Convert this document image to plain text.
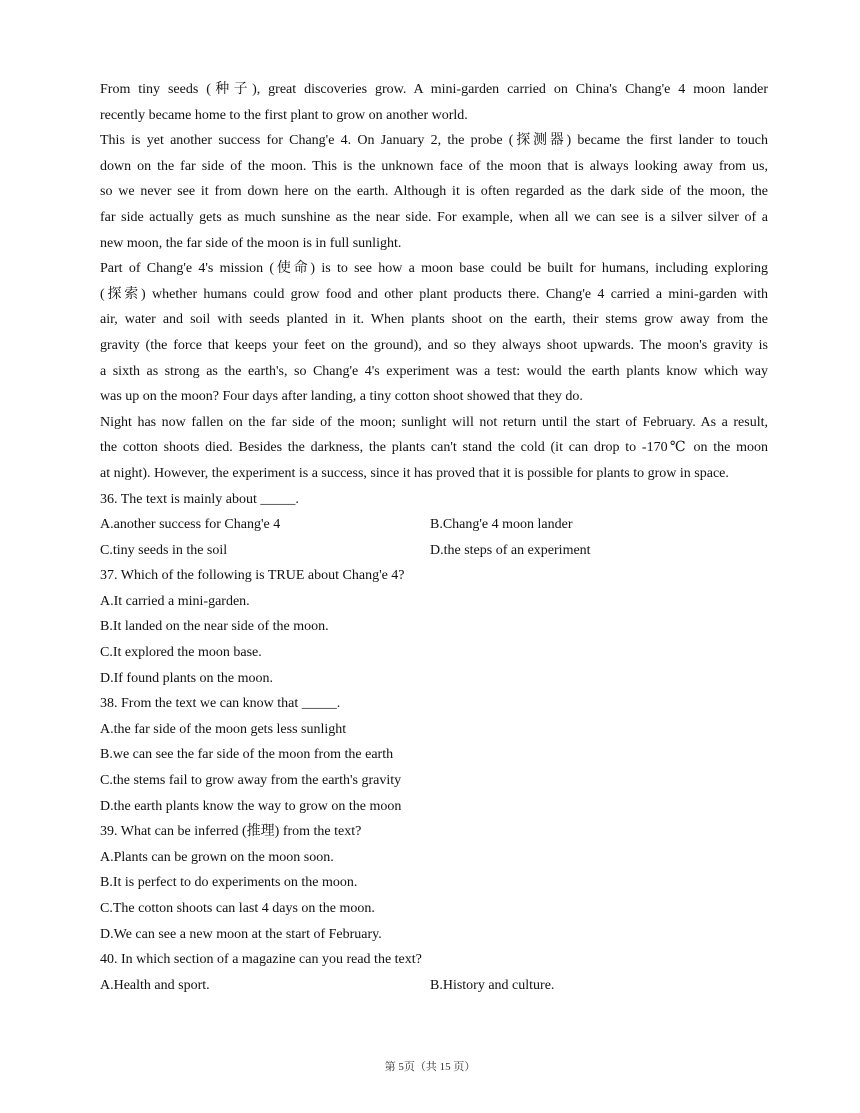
From tiny seeds (种子), great discoveries grow. A mini-garden carried on China's Chang'e 4 moon lander
recently became home to the first plant to grow on another world.
This is yet another success for Chang'e 4. On January 2, the probe (探测器) became the first lander to touch
down on the far side of the moon. This is the unknown face of the moon that is always looking away from us,
so we never see it from down here on the earth. Although it is often regarded as the dark side of the moon, the
far side actually gets as much sunshine as the near side. For example, when all we can see is a silver silver of a
new moon, the far side of the moon is in full sunlight.
Part of Chang'e 4's mission (使命) is to see how a moon base could be built for humans, including exploring
(探索) whether humans could grow food and other plant products there. Chang'e 4 carried a mini-garden with
air, water and soil with seeds planted in it. When plants shoot on the earth, their stems grow away from the
gravity (the force that keeps your feet on the ground), and so they always shoot upwards. The moon's gravity is
a sixth as strong as the earth's, so Chang'e 4's experiment was a test: would the earth plants know which way
was up on the moon? Four days after landing, a tiny cotton shoot showed that they do.
Night has now fallen on the far side of the moon; sunlight will not return until the start of February. As a result,
the cotton shoots died. Besides the darkness, the plants can't stand the cold (it can drop to -170℃ on the moon
at night). However, the experiment is a success, since it has proved that it is possible for plants to grow in space.

36. The text is mainly about _____.

A.another success for Chang'e 4	B.Chang'e 4 moon lander
C.tiny seeds in the soil	D.the steps of an experiment

37. Which of the following is TRUE about Chang'e 4?

A.It carried a mini-garden.

B.It landed on the near side of the moon.

C.It explored the moon base.

D.If found plants on the moon.

38. From the text we can know that _____.

A.the far side of the moon gets less sunlight

B.we can see the far side of the moon from the earth

C.the stems fail to grow away from the earth's gravity

D.the earth plants know the way to grow on the moon

39. What can be inferred (推理) from the text?

A.Plants can be grown on the moon soon.

B.It is perfect to do experiments on the moon.

C.The cotton shoots can last 4 days on the moon.

D.We can see a new moon at the start of February.

40. In which section of a magazine can you read the text?

A.Health and sport.	B.History and culture.
第 5页（共 15 页）
